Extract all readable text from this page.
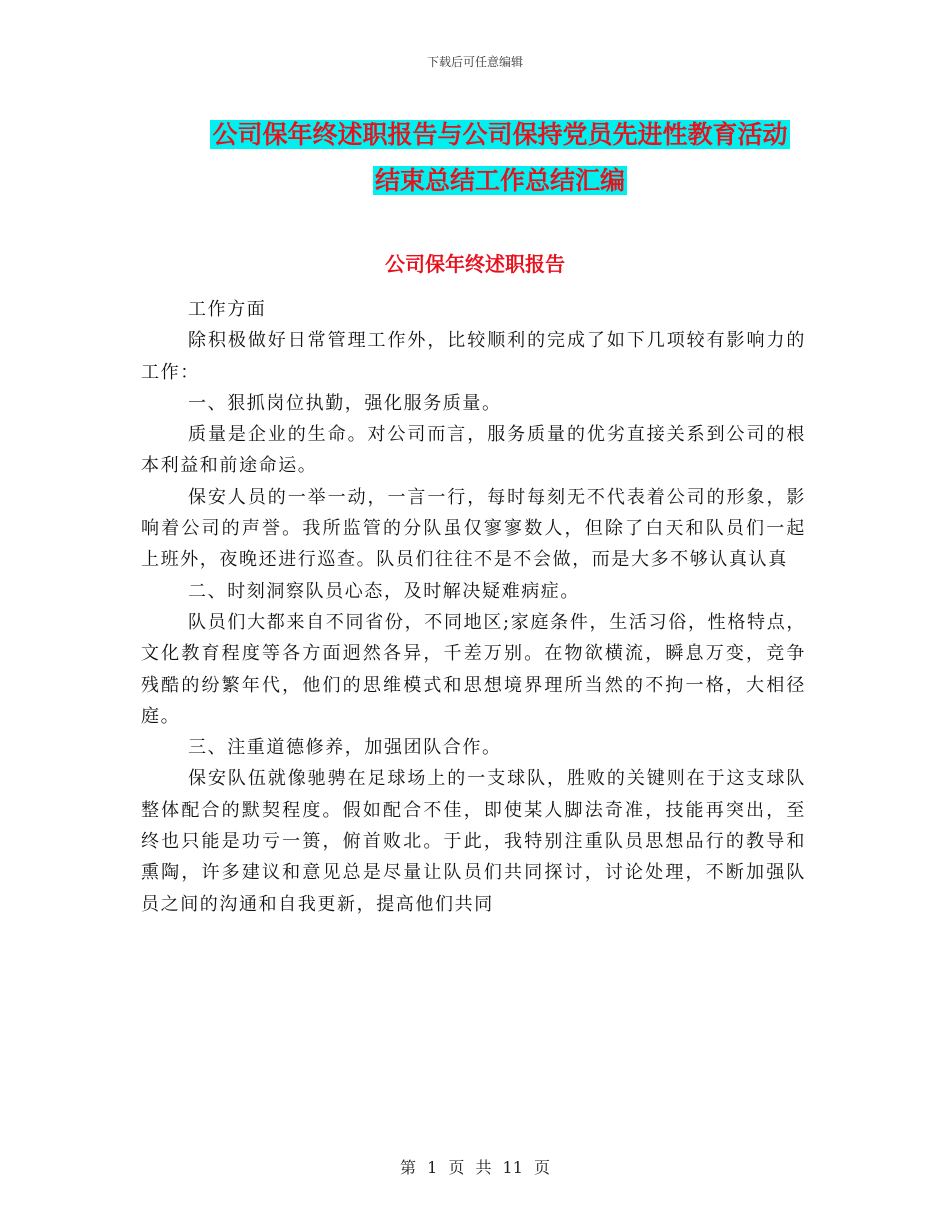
下载后可任意编辑
公司保年终述职报告与公司保持党员先进性教育活动
结束总结工作总结汇编
公司保年终述职报告

工作方面

除积极做好日常管理工作外，比较顺利的完成了如下几项较有影响力的工作：

一、狠抓岗位执勤，强化服务质量。

质量是企业的生命。对公司而言，服务质量的优劣直接关系到公司的根本利益和前途命运。

保安人员的一举一动，一言一行，每时每刻无不代表着公司的形象，影响着公司的声誉。我所监管的分队虽仅寥寥数人，但除了白天和队员们一起上班外，夜晚还进行巡查。队员们往往不是不会做，而是大多不够认真认真

二、时刻洞察队员心态，及时解决疑难病症。

队员们大都来自不同省份，不同地区;家庭条件，生活习俗，性格特点，文化教育程度等各方面迥然各异，千差万别。在物欲横流，瞬息万变，竞争残酷的纷繁年代，他们的思维模式和思想境界理所当然的不拘一格，大相径庭。

三、注重道德修养，加强团队合作。

保安队伍就像驰骋在足球场上的一支球队，胜败的关键则在于这支球队整体配合的默契程度。假如配合不佳，即使某人脚法奇准，技能再突出，至终也只能是功亏一篑，俯首败北。于此，我特别注重队员思想品行的教导和熏陶，许多建议和意见总是尽量让队员们共同探讨，讨论处理，不断加强队员之间的沟通和自我更新，提高他们共同

第 1 页 共 11 页
